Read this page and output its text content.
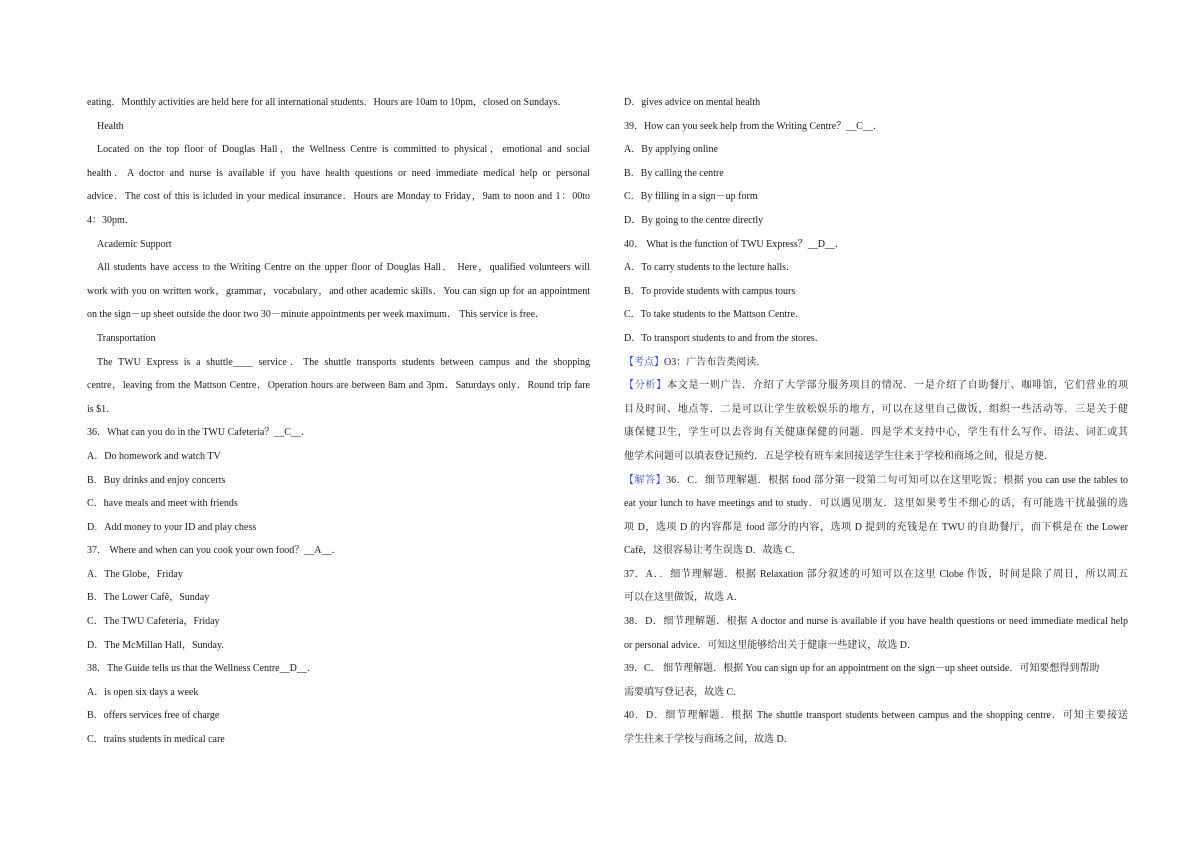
eating．Monthly activities are held here for all international students．Hours are 10am to 10pm，closed on Sundays．
Health
Located on the top floor of Douglas Hall，the Wellness Centre is committed to physical，emotional and social
health．A doctor and nurse is available if you have health questions or need immediate medical help or personal
advice．The cost of this is icluded in your medical insurance．Hours are Monday to Friday，9am to noon and 1：00to
4：30pm．
Academic Support
All students have access to the Writing Centre on the upper floor of Douglas Hall． Here，qualified volunteers will
work with you on written work，grammar，vocabulary，and other academic skills．You can sign up for an appointment
on the sign－up sheet outside the door two 30－minute appointments per week maximum． This service is free．
Transportation
The TWU Express is a shuttle____ service．The shuttle transports students between campus and the shopping
centre，leaving from the Mattson Centre．Operation hours are between 8am and 3pm．Saturdays only．Round trip fare
is $1．
36．What can you do in the TWU Cafeteria？__C__．
A．Do homework and watch TV
B．Buy drinks and enjoy concerts
C．have meals and meet with friends
D．Add money to your ID and play chess
37． Where and when can you cook your own food？__A__．
A．The Globe，Friday
B．The Lower Cafȇ，Sunday
C．The TWU Cafeteria，Friday
D．The McMillan Hall，Sunday.
38．The Guide tells us that the Wellness Centre__D__．
A．is open six days a week
B．offers services free of charge
C．trains students in medical care
D．gives advice on mental health
39．How can you seek help from the Writing Centre？__C__．
A．By applying online
B．By calling the centre
C．By filling in a sign－up form
D．By going to the centre directly
40． What is the function of TWU Express？__D__．
A．To carry students to the lecture halls．
B．To provide students with campus tours
C．To take students to the Mattson Centre．
D．To transport students to and from the stores．
【考点】O3：广告布告类阅读．
【分析】本文是一则广告．介绍了大学部分服务项目的情况．一是介绍了自助餐厅、咖啡馆，它们营业的项
目及时间、地点等．二是可以让学生放松娱乐的地方，可以在这里自己做饭，组织一些活动等．三是关于健
康保健卫生，学生可以去咨询有关健康保健的问题．四是学术支持中心，学生有什么写作、语法、词汇或其
他学术问题可以填表登记预约．五是学校有班车来回接送学生往来于学校和商场之间，很是方便．
【解答】36．C．细节理解题．根据 food 部分第一段第二句可知可以在这里吃饭；根据 you can use the tables to
eat your lunch to have meetings and to study．可以遇见朋友．这里如果考生不细心的话，有可能选干扰最强的选
项 D，选项 D 的内容都是 food 部分的内容，选项 D 提到的充钱是在 TWU 的自助餐厅，而下棋是在 the Lower
Cafȇ，这很容易让考生误选 D．故选 C．
37．A．．细节理解题．根据 Relaxation 部分叙述的可知可以在这里 Clobe 作饭，时间是除了周日，所以周五
可以在这里做饭，故选 A．
38．D．细节理解题．根据 A doctor and nurse is available if you have health questions or need immediate medical help
or personal advice．可知这里能够给出关于健康一些建议，故选 D．
39．C． 细节理解题．根据 You can sign up for an appointment on the sign－up sheet outside．可知要想得到帮助
需要填写登记表，故选 C．
40．D．细节理解题．根据 The shuttle transport students between campus and the shopping centre．可知主要接送
学生往来于学校与商场之间，故选 D．
